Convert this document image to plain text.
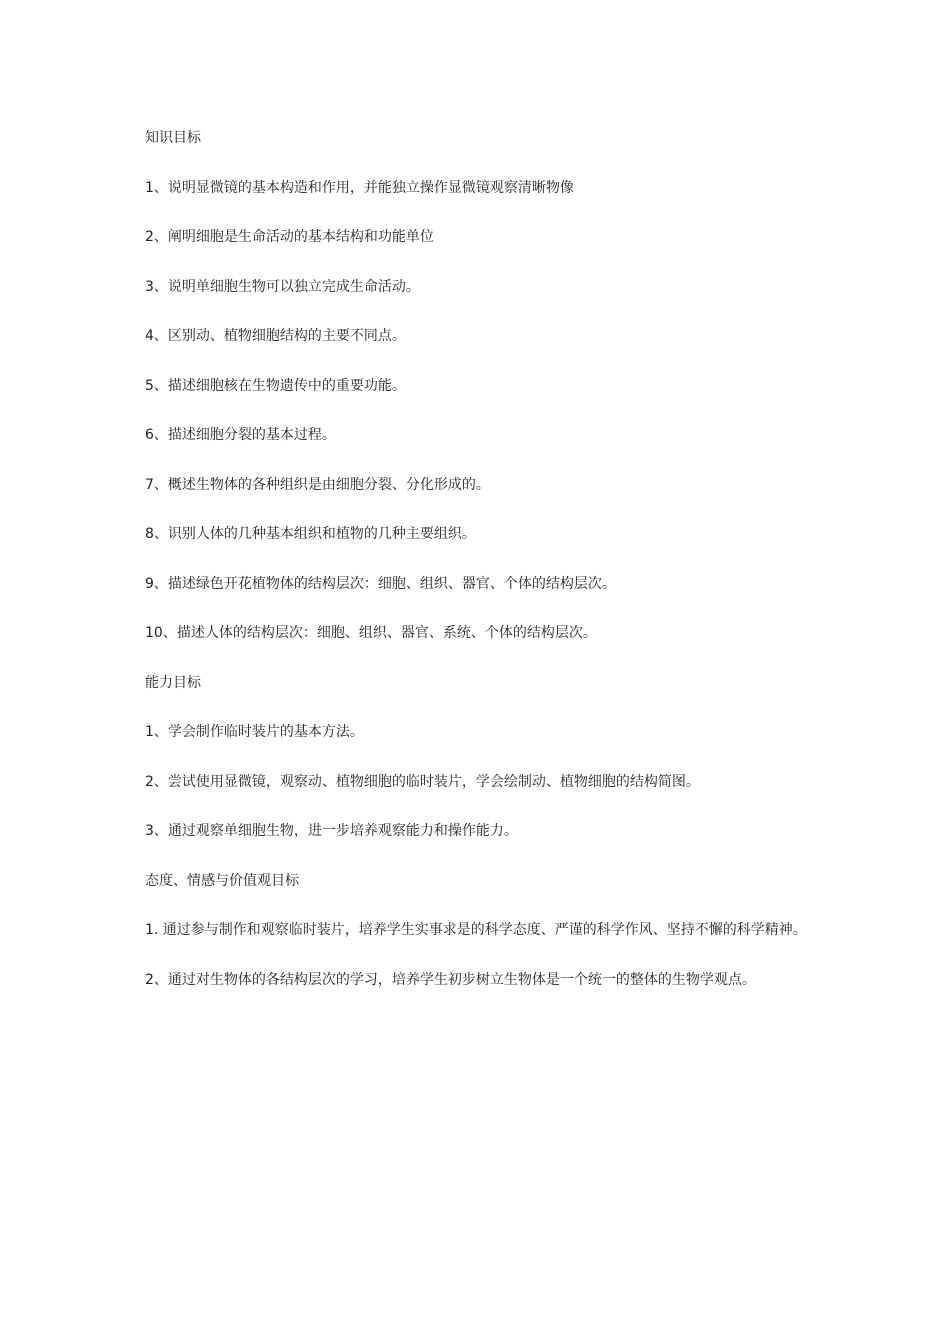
知识目标

1、说明显微镜的基本构造和作用，并能独立操作显微镜观察清晰物像

2、阐明细胞是生命活动的基本结构和功能单位

3、说明单细胞生物可以独立完成生命活动。

4、区别动、植物细胞结构的主要不同点。

5、描述细胞核在生物遗传中的重要功能。

6、描述细胞分裂的基本过程。

7、概述生物体的各种组织是由细胞分裂、分化形成的。

8、识别人体的几种基本组织和植物的几种主要组织。

9、描述绿色开花植物体的结构层次：细胞、组织、器官、个体的结构层次。

10、描述人体的结构层次：细胞、组织、器官、系统、个体的结构层次。

能力目标

1、学会制作临时装片的基本方法。

2、尝试使用显微镜，观察动、植物细胞的临时装片，学会绘制动、植物细胞的结构简图。

3、通过观察单细胞生物，进一步培养观察能力和操作能力。

态度、情感与价值观目标

1. 通过参与制作和观察临时装片，培养学生实事求是的科学态度、严谨的科学作风、坚持不懈的科学精神。

2、通过对生物体的各结构层次的学习，培养学生初步树立生物体是一个统一的整体的生物学观点。
